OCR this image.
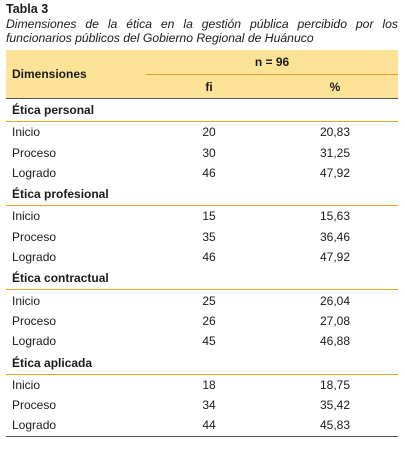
Tabla 3
Dimensiones de la ética en la gestión pública percibido por los funcionarios públicos del Gobierno Regional de Huánuco
Dimensiones	n = 96	
	fi	%
Ética personal		
Inicio	20	20,83
Proceso	30	31,25
Logrado	46	47,92
Ética profesional		
Inicio	15	15,63
Proceso	35	36,46
Logrado	46	47,92
Ética contractual		
Inicio	25	26,04
Proceso	26	27,08
Logrado	45	46,88
Ética aplicada		
Inicio	18	18,75
Proceso	34	35,42
Logrado	44	45,83
